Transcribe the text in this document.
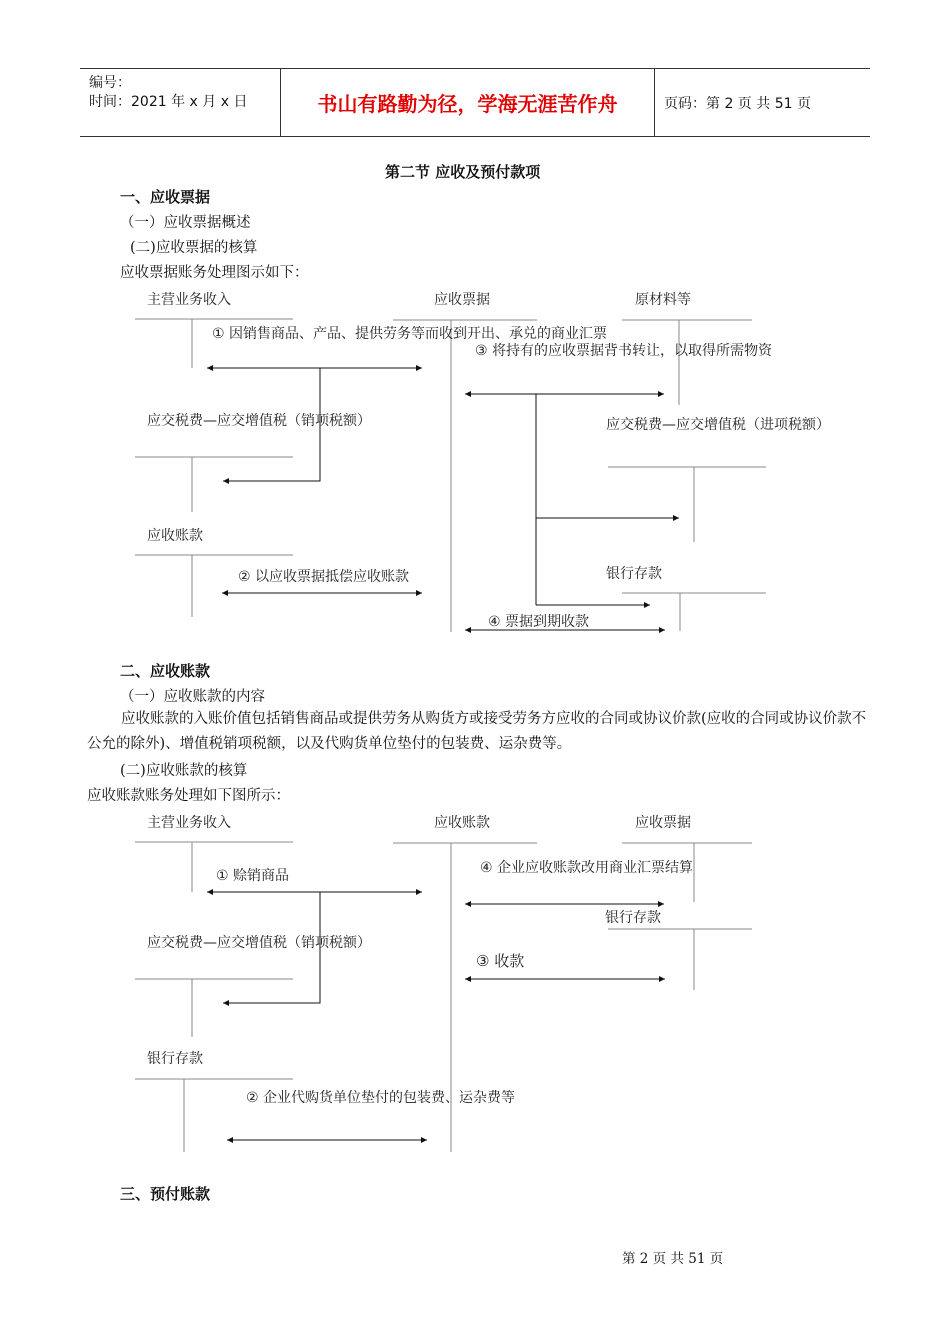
编号：
时间：2021 年 x 月 x 日	书山有路勤为径，学海无涯苦作舟	页码：第 2 页 共 51 页
第二节 应收及预付款项
一、应收票据
（一）应收票据概述
(二)应收票据的核算
应收票据账务处理图示如下：
主营业务收入	应收票据	原材料等
① 因销售商品、产品、提供劳务等而收到开出、承兑的商业汇票
③ 将持有的应收票据背书转让，以取得所需物资
应交税费—应交增值税（销项税额）	应交税费—应交增值税（进项税额）
应收账款
银行存款
② 以应收票据抵偿应收账款
④ 票据到期收款
二、应收账款
（一）应收账款的内容
应收账款的入账价值包括销售商品或提供劳务从购货方或接受劳务方应收的合同或协议价款(应收的合同或协议价款不公允的除外)、增值税销项税额，以及代购货单位垫付的包装费、运杂费等。
(二)应收账款的核算
应收账款账务处理如下图所示：
主营业务收入	应收账款	应收票据
④ 企业应收账款改用商业汇票结算
① 赊销商品
银行存款
应交税费—应交增值税（销项税额）
③ 收款
银行存款
② 企业代购货单位垫付的包装费、运杂费等
三、预付账款
第 2 页 共 51 页
